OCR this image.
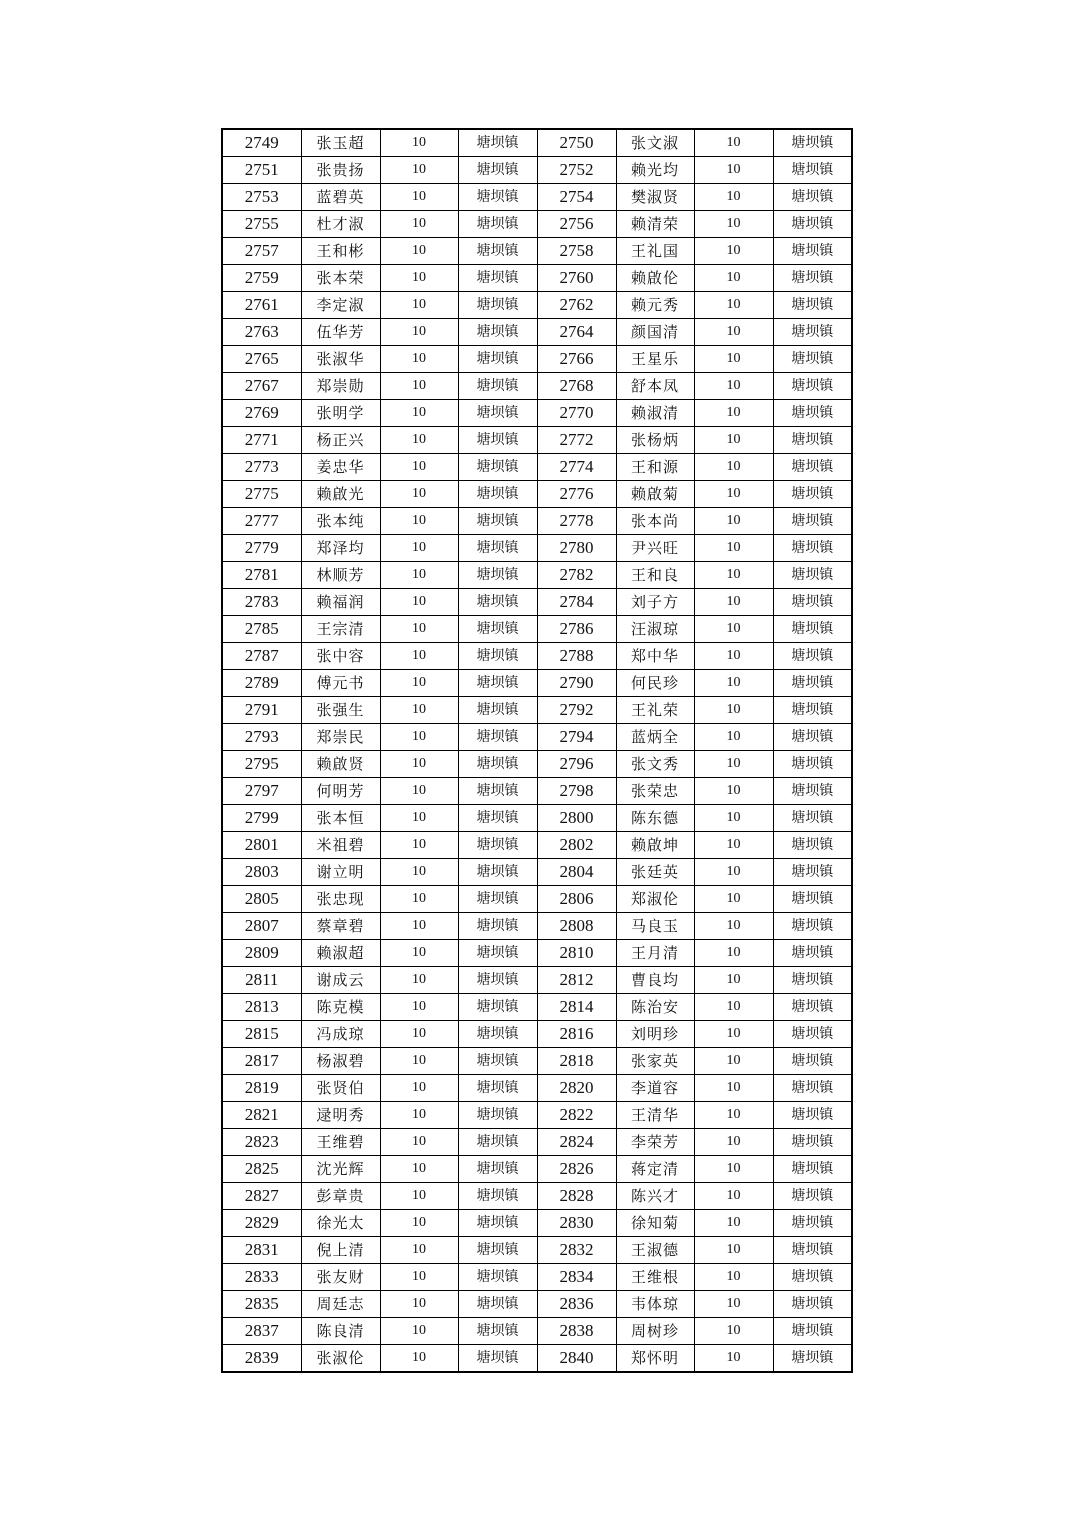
2749	张玉超	10	塘坝镇	2750	张文淑	10	塘坝镇
2751	张贵扬	10	塘坝镇	2752	赖光均	10	塘坝镇
2753	蓝碧英	10	塘坝镇	2754	樊淑贤	10	塘坝镇
2755	杜才淑	10	塘坝镇	2756	赖清荣	10	塘坝镇
2757	王和彬	10	塘坝镇	2758	王礼国	10	塘坝镇
2759	张本荣	10	塘坝镇	2760	赖啟伦	10	塘坝镇
2761	李定淑	10	塘坝镇	2762	赖元秀	10	塘坝镇
2763	伍华芳	10	塘坝镇	2764	颜国清	10	塘坝镇
2765	张淑华	10	塘坝镇	2766	王星乐	10	塘坝镇
2767	郑崇勋	10	塘坝镇	2768	舒本凤	10	塘坝镇
2769	张明学	10	塘坝镇	2770	赖淑清	10	塘坝镇
2771	杨正兴	10	塘坝镇	2772	张杨炳	10	塘坝镇
2773	姜忠华	10	塘坝镇	2774	王和源	10	塘坝镇
2775	赖啟光	10	塘坝镇	2776	赖啟菊	10	塘坝镇
2777	张本纯	10	塘坝镇	2778	张本尚	10	塘坝镇
2779	郑泽均	10	塘坝镇	2780	尹兴旺	10	塘坝镇
2781	林顺芳	10	塘坝镇	2782	王和良	10	塘坝镇
2783	赖福润	10	塘坝镇	2784	刘子方	10	塘坝镇
2785	王宗清	10	塘坝镇	2786	汪淑琼	10	塘坝镇
2787	张中容	10	塘坝镇	2788	郑中华	10	塘坝镇
2789	傅元书	10	塘坝镇	2790	何民珍	10	塘坝镇
2791	张强生	10	塘坝镇	2792	王礼荣	10	塘坝镇
2793	郑崇民	10	塘坝镇	2794	蓝炳全	10	塘坝镇
2795	赖啟贤	10	塘坝镇	2796	张文秀	10	塘坝镇
2797	何明芳	10	塘坝镇	2798	张荣忠	10	塘坝镇
2799	张本恒	10	塘坝镇	2800	陈东德	10	塘坝镇
2801	米祖碧	10	塘坝镇	2802	赖啟坤	10	塘坝镇
2803	谢立明	10	塘坝镇	2804	张廷英	10	塘坝镇
2805	张忠现	10	塘坝镇	2806	郑淑伦	10	塘坝镇
2807	蔡章碧	10	塘坝镇	2808	马良玉	10	塘坝镇
2809	赖淑超	10	塘坝镇	2810	王月清	10	塘坝镇
2811	谢成云	10	塘坝镇	2812	曹良均	10	塘坝镇
2813	陈克模	10	塘坝镇	2814	陈治安	10	塘坝镇
2815	冯成琼	10	塘坝镇	2816	刘明珍	10	塘坝镇
2817	杨淑碧	10	塘坝镇	2818	张家英	10	塘坝镇
2819	张贤伯	10	塘坝镇	2820	李道容	10	塘坝镇
2821	逯明秀	10	塘坝镇	2822	王清华	10	塘坝镇
2823	王维碧	10	塘坝镇	2824	李荣芳	10	塘坝镇
2825	沈光辉	10	塘坝镇	2826	蒋定清	10	塘坝镇
2827	彭章贵	10	塘坝镇	2828	陈兴才	10	塘坝镇
2829	徐光太	10	塘坝镇	2830	徐知菊	10	塘坝镇
2831	倪上清	10	塘坝镇	2832	王淑德	10	塘坝镇
2833	张友财	10	塘坝镇	2834	王维根	10	塘坝镇
2835	周廷志	10	塘坝镇	2836	韦体琼	10	塘坝镇
2837	陈良清	10	塘坝镇	2838	周树珍	10	塘坝镇
2839	张淑伦	10	塘坝镇	2840	郑怀明	10	塘坝镇
